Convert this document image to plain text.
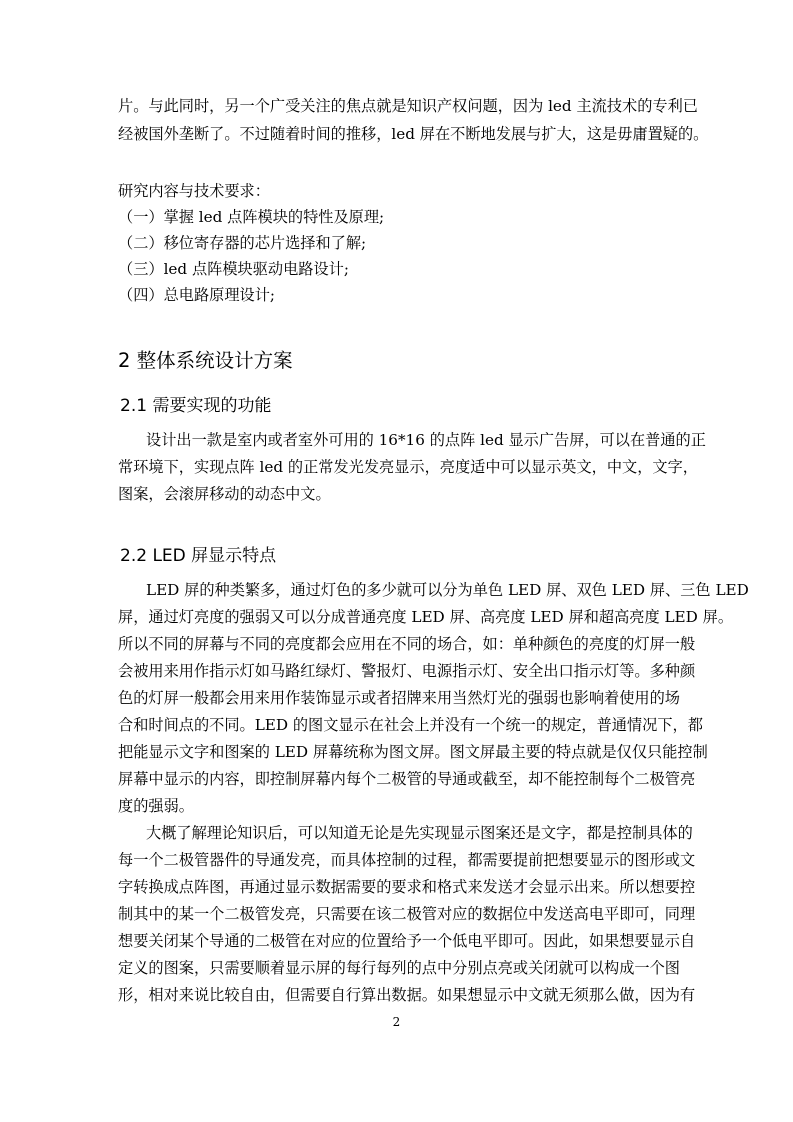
片。与此同时，另一个广受关注的焦点就是知识产权问题，因为 led 主流技术的专利已
经被国外垄断了。不过随着时间的推移，led 屏在不断地发展与扩大，这是毋庸置疑的。
研究内容与技术要求：
（一）掌握 led 点阵模块的特性及原理;
（二）移位寄存器的芯片选择和了解;
（三）led 点阵模块驱动电路设计;
（四）总电路原理设计;
2 整体系统设计方案
2.1 需要实现的功能
设计出一款是室内或者室外可用的 16*16 的点阵 led 显示广告屏，可以在普通的正
常环境下，实现点阵 led 的正常发光发亮显示，亮度适中可以显示英文，中文，文字，
图案，会滚屏移动的动态中文。
2.2 LED 屏显示特点
LED 屏的种类繁多，通过灯色的多少就可以分为单色 LED 屏、双色 LED 屏、三色 LED
屏，通过灯亮度的强弱又可以分成普通亮度 LED 屏、高亮度 LED 屏和超高亮度 LED 屏。
所以不同的屏幕与不同的亮度都会应用在不同的场合，如：单种颜色的亮度的灯屏一般
会被用来用作指示灯如马路红绿灯、警报灯、电源指示灯、安全出口指示灯等。多种颜
色的灯屏一般都会用来用作装饰显示或者招牌来用当然灯光的强弱也影响着使用的场
合和时间点的不同。LED 的图文显示在社会上并没有一个统一的规定，普通情况下，都
把能显示文字和图案的 LED 屏幕统称为图文屏。图文屏最主要的特点就是仅仅只能控制
屏幕中显示的内容，即控制屏幕内每个二极管的导通或截至，却不能控制每个二极管亮
度的强弱。
大概了解理论知识后，可以知道无论是先实现显示图案还是文字，都是控制具体的
每一个二极管器件的导通发亮，而具体控制的过程，都需要提前把想要显示的图形或文
字转换成点阵图，再通过显示数据需要的要求和格式来发送才会显示出来。所以想要控
制其中的某一个二极管发亮，只需要在该二极管对应的数据位中发送高电平即可，同理
想要关闭某个导通的二极管在对应的位置给予一个低电平即可。因此，如果想要显示自
定义的图案，只需要顺着显示屏的每行每列的点中分别点亮或关闭就可以构成一个图
形，相对来说比较自由，但需要自行算出数据。如果想显示中文就无须那么做，因为有
2
